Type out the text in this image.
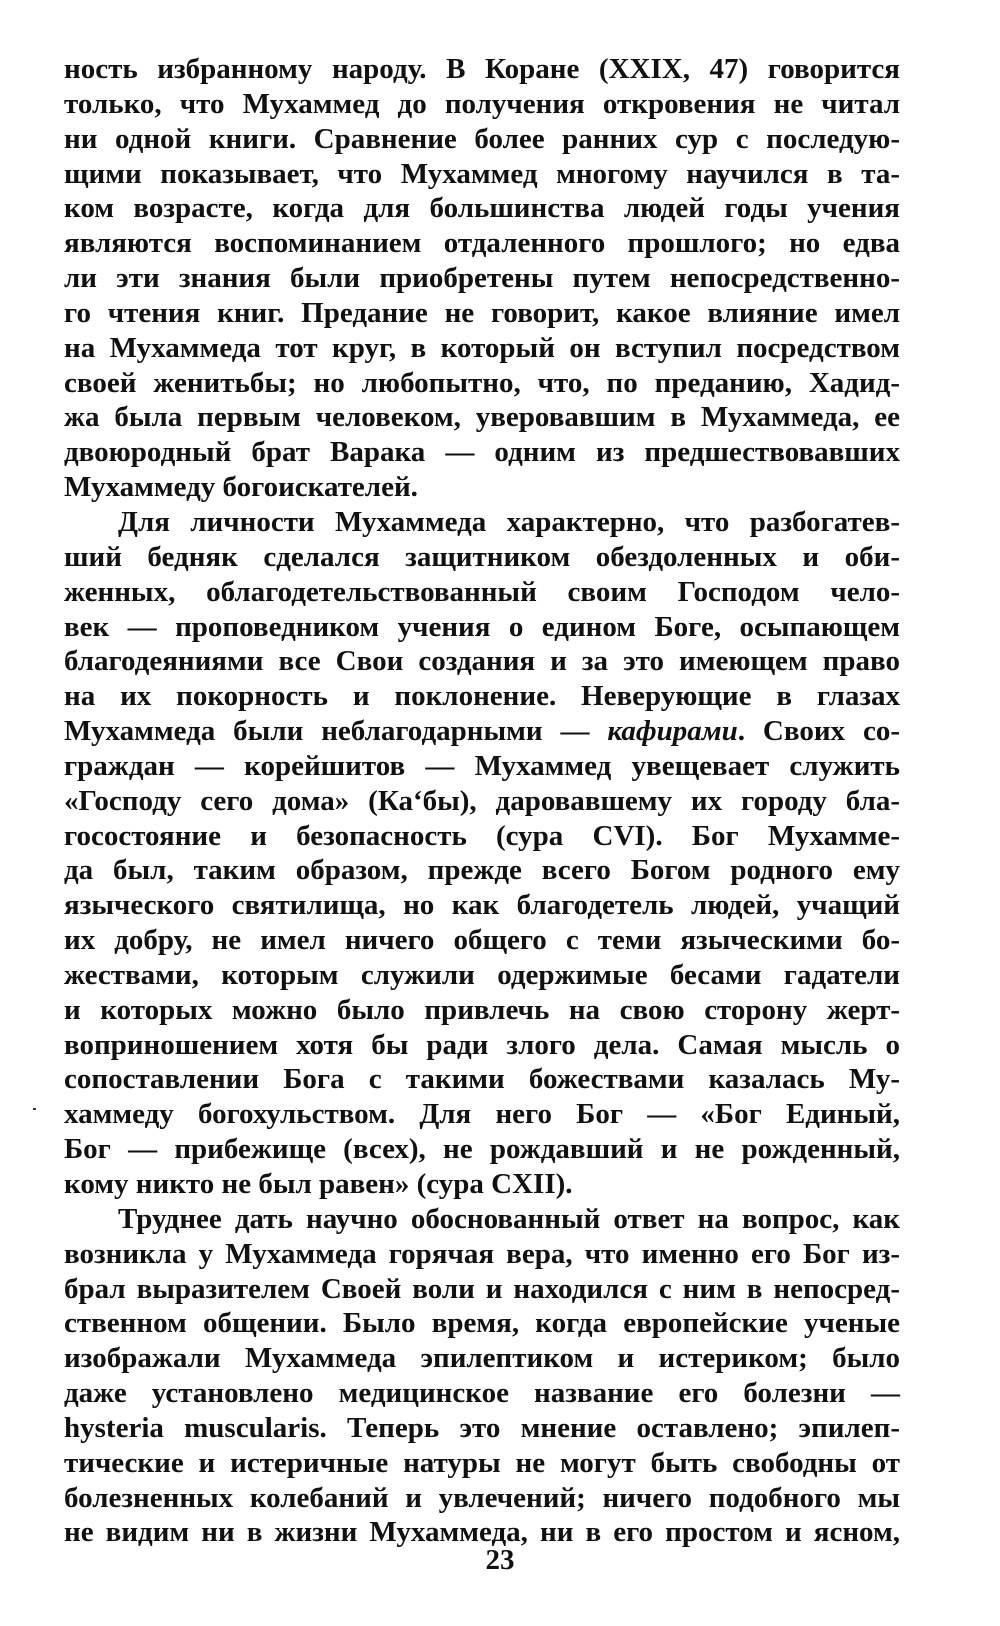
ность избранному народу. В Коране (XXIX, 47) говорится
только, что Мухаммед до получения откровения не читал
ни одной книги. Сравнение более ранних сур с последую-
щими показывает, что Мухаммед многому научился в та-
ком возрасте, когда для большинства людей годы учения
являются воспоминанием отдаленного прошлого; но едва
ли эти знания были приобретены путем непосредственно-
го чтения книг. Предание не говорит, какое влияние имел
на Мухаммеда тот круг, в который он вступил посредством
своей женитьбы; но любопытно, что, по преданию, Хадид-
жа была первым человеком, уверовавшим в Мухаммеда, ее
двоюродный брат Варака — одним из предшествовавших
Мухаммеду богоискателей.
Для личности Мухаммеда характерно, что разбогатев-
ший бедняк сделался защитником обездоленных и оби-
женных, облагодетельствованный своим Господом чело-
век — проповедником учения о едином Боге, осыпающем
благодеяниями все Свои создания и за это имеющем право
на их покорность и поклонение. Неверующие в глазах
Мухаммеда были неблагодарными — кафирами. Своих со-
граждан — корейшитов — Мухаммед увещевает служить
«Господу сего дома» (Ка‘бы), даровавшему их городу бла-
госостояние и безопасность (сура CVI). Бог Мухамме-
да был, таким образом, прежде всего Богом родного ему
языческого святилища, но как благодетель людей, учащий
их добру, не имел ничего общего с теми языческими бо-
жествами, которым служили одержимые бесами гадатели
и которых можно было привлечь на свою сторону жерт-
воприношением хотя бы ради злого дела. Самая мысль о
сопоставлении Бога с такими божествами казалась Му-
хаммеду богохульством. Для него Бог — «Бог Единый,
Бог — прибежище (всех), не рождавший и не рожденный,
кому никто не был равен» (сура CXII).
Труднее дать научно обоснованный ответ на вопрос, как
возникла у Мухаммеда горячая вера, что именно его Бог из-
брал выразителем Своей воли и находился с ним в непосред-
ственном общении. Было время, когда европейские ученые
изображали Мухаммеда эпилептиком и истериком; было
даже установлено медицинское название его болезни —
hysteria muscularis. Теперь это мнение оставлено; эпилеп-
тические и истеричные натуры не могут быть свободны от
болезненных колебаний и увлечений; ничего подобного мы
не видим ни в жизни Мухаммеда, ни в его простом и ясном,
23
